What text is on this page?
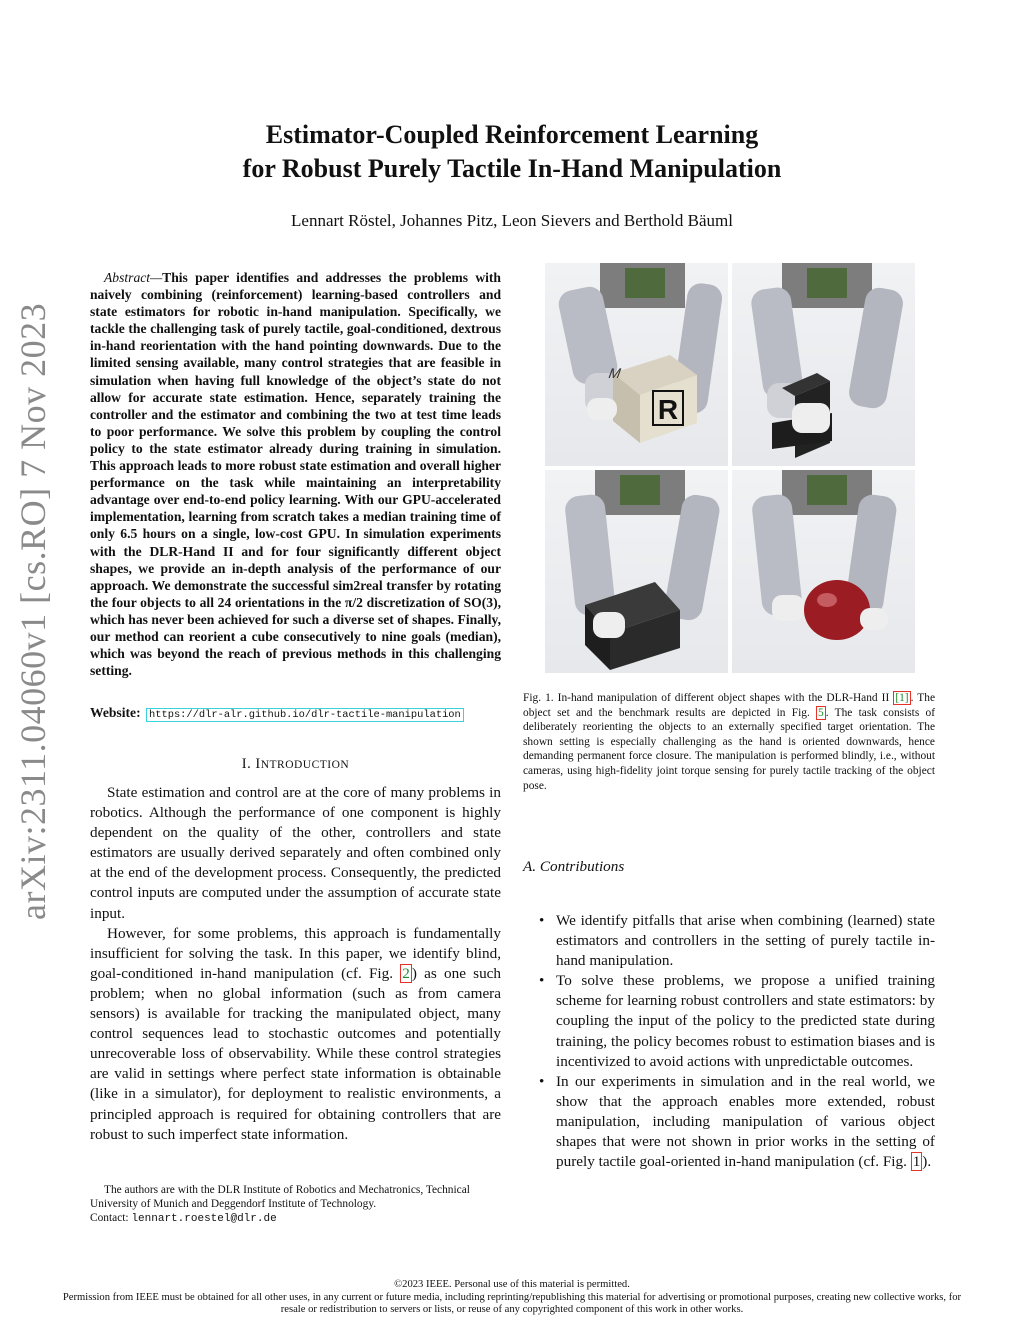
arXiv:2311.04060v1 [cs.RO] 7 Nov 2023
Estimator-Coupled Reinforcement Learning
for Robust Purely Tactile In-Hand Manipulation
Lennart Röstel, Johannes Pitz, Leon Sievers and Berthold Bäuml
Abstract—This paper identifies and addresses the problems with naively combining (reinforcement) learning-based controllers and state estimators for robotic in-hand manipulation. Specifically, we tackle the challenging task of purely tactile, goal-conditioned, dextrous in-hand reorientation with the hand pointing downwards. Due to the limited sensing available, many control strategies that are feasible in simulation when having full knowledge of the object’s state do not allow for accurate state estimation. Hence, separately training the controller and the estimator and combining the two at test time leads to poor performance. We solve this problem by coupling the control policy to the state estimator already during training in simulation. This approach leads to more robust state estimation and overall higher performance on the task while maintaining an interpretability advantage over end-to-end policy learning. With our GPU-accelerated implementation, learning from scratch takes a median training time of only 6.5 hours on a single, low-cost GPU. In simulation experiments with the DLR-Hand II and for four significantly different object shapes, we provide an in-depth analysis of the performance of our approach. We demonstrate the successful sim2real transfer by rotating the four objects to all 24 orientations in the π/2 discretization of SO(3), which has never been achieved for such a diverse set of shapes. Finally, our method can reorient a cube consecutively to nine goals (median), which was beyond the reach of previous methods in this challenging setting.
Website: https://dlr-alr.github.io/dlr-tactile-manipulation
I. INTRODUCTION

State estimation and control are at the core of many problems in robotics. Although the performance of one component is highly dependent on the quality of the other, controllers and state estimators are usually derived separately and often combined only at the end of the development process. Consequently, the predicted control inputs are computed under the assumption of accurate state input.

However, for some problems, this approach is fundamentally insufficient for solving the task. In this paper, we identify blind, goal-conditioned in-hand manipulation (cf. Fig. 2 ) as one such problem; when no global information (such as from camera sensors) is available for tracking the manipulated object, many control sequences lead to stochastic outcomes and potentially unrecoverable loss of observability. While these control strategies are valid in settings where perfect state information is obtainable (like in a simulator), for deployment to realistic environments, a principled approach is required for obtaining controllers that are robust to such imperfect state information.

The authors are with the DLR Institute of Robotics and Mechatronics, Technical University of Munich and Deggendorf Institute of Technology.

Contact: lennart.roestel@dlr.de
R
M
Fig. 1. In-hand manipulation of different object shapes with the DLR-Hand II [1] . The object set and the benchmark results are depicted in Fig. 5 . The task consists of deliberately reorienting the objects to an externally specified target orientation. The shown setting is especially challenging as the hand is oriented downwards, hence demanding permanent force closure. The manipulation is performed blindly, i.e., without cameras, using high-fidelity joint torque sensing for purely tactile tracking of the object pose.
A. Contributions
• We identify pitfalls that arise when combining (learned) state estimators and controllers in the setting of purely tactile in-hand manipulation.
• To solve these problems, we propose a unified training scheme for learning robust controllers and state estimators: by coupling the input of the policy to the predicted state during training, the policy becomes robust to estimation biases and is incentivized to avoid actions with unpredictable outcomes.
• In our experiments in simulation and in the real world, we show that the approach enables more extended, robust manipulation, including manipulation of various object shapes that were not shown in prior works in the setting of purely tactile goal-oriented in-hand manipulation (cf. Fig. 1 ).
©2023 IEEE. Personal use of this material is permitted.
Permission from IEEE must be obtained for all other uses, in any current or future media, including reprinting/republishing this material for advertising or promotional purposes, creating new collective works, for resale or redistribution to servers or lists, or reuse of any copyrighted component of this work in other works.
